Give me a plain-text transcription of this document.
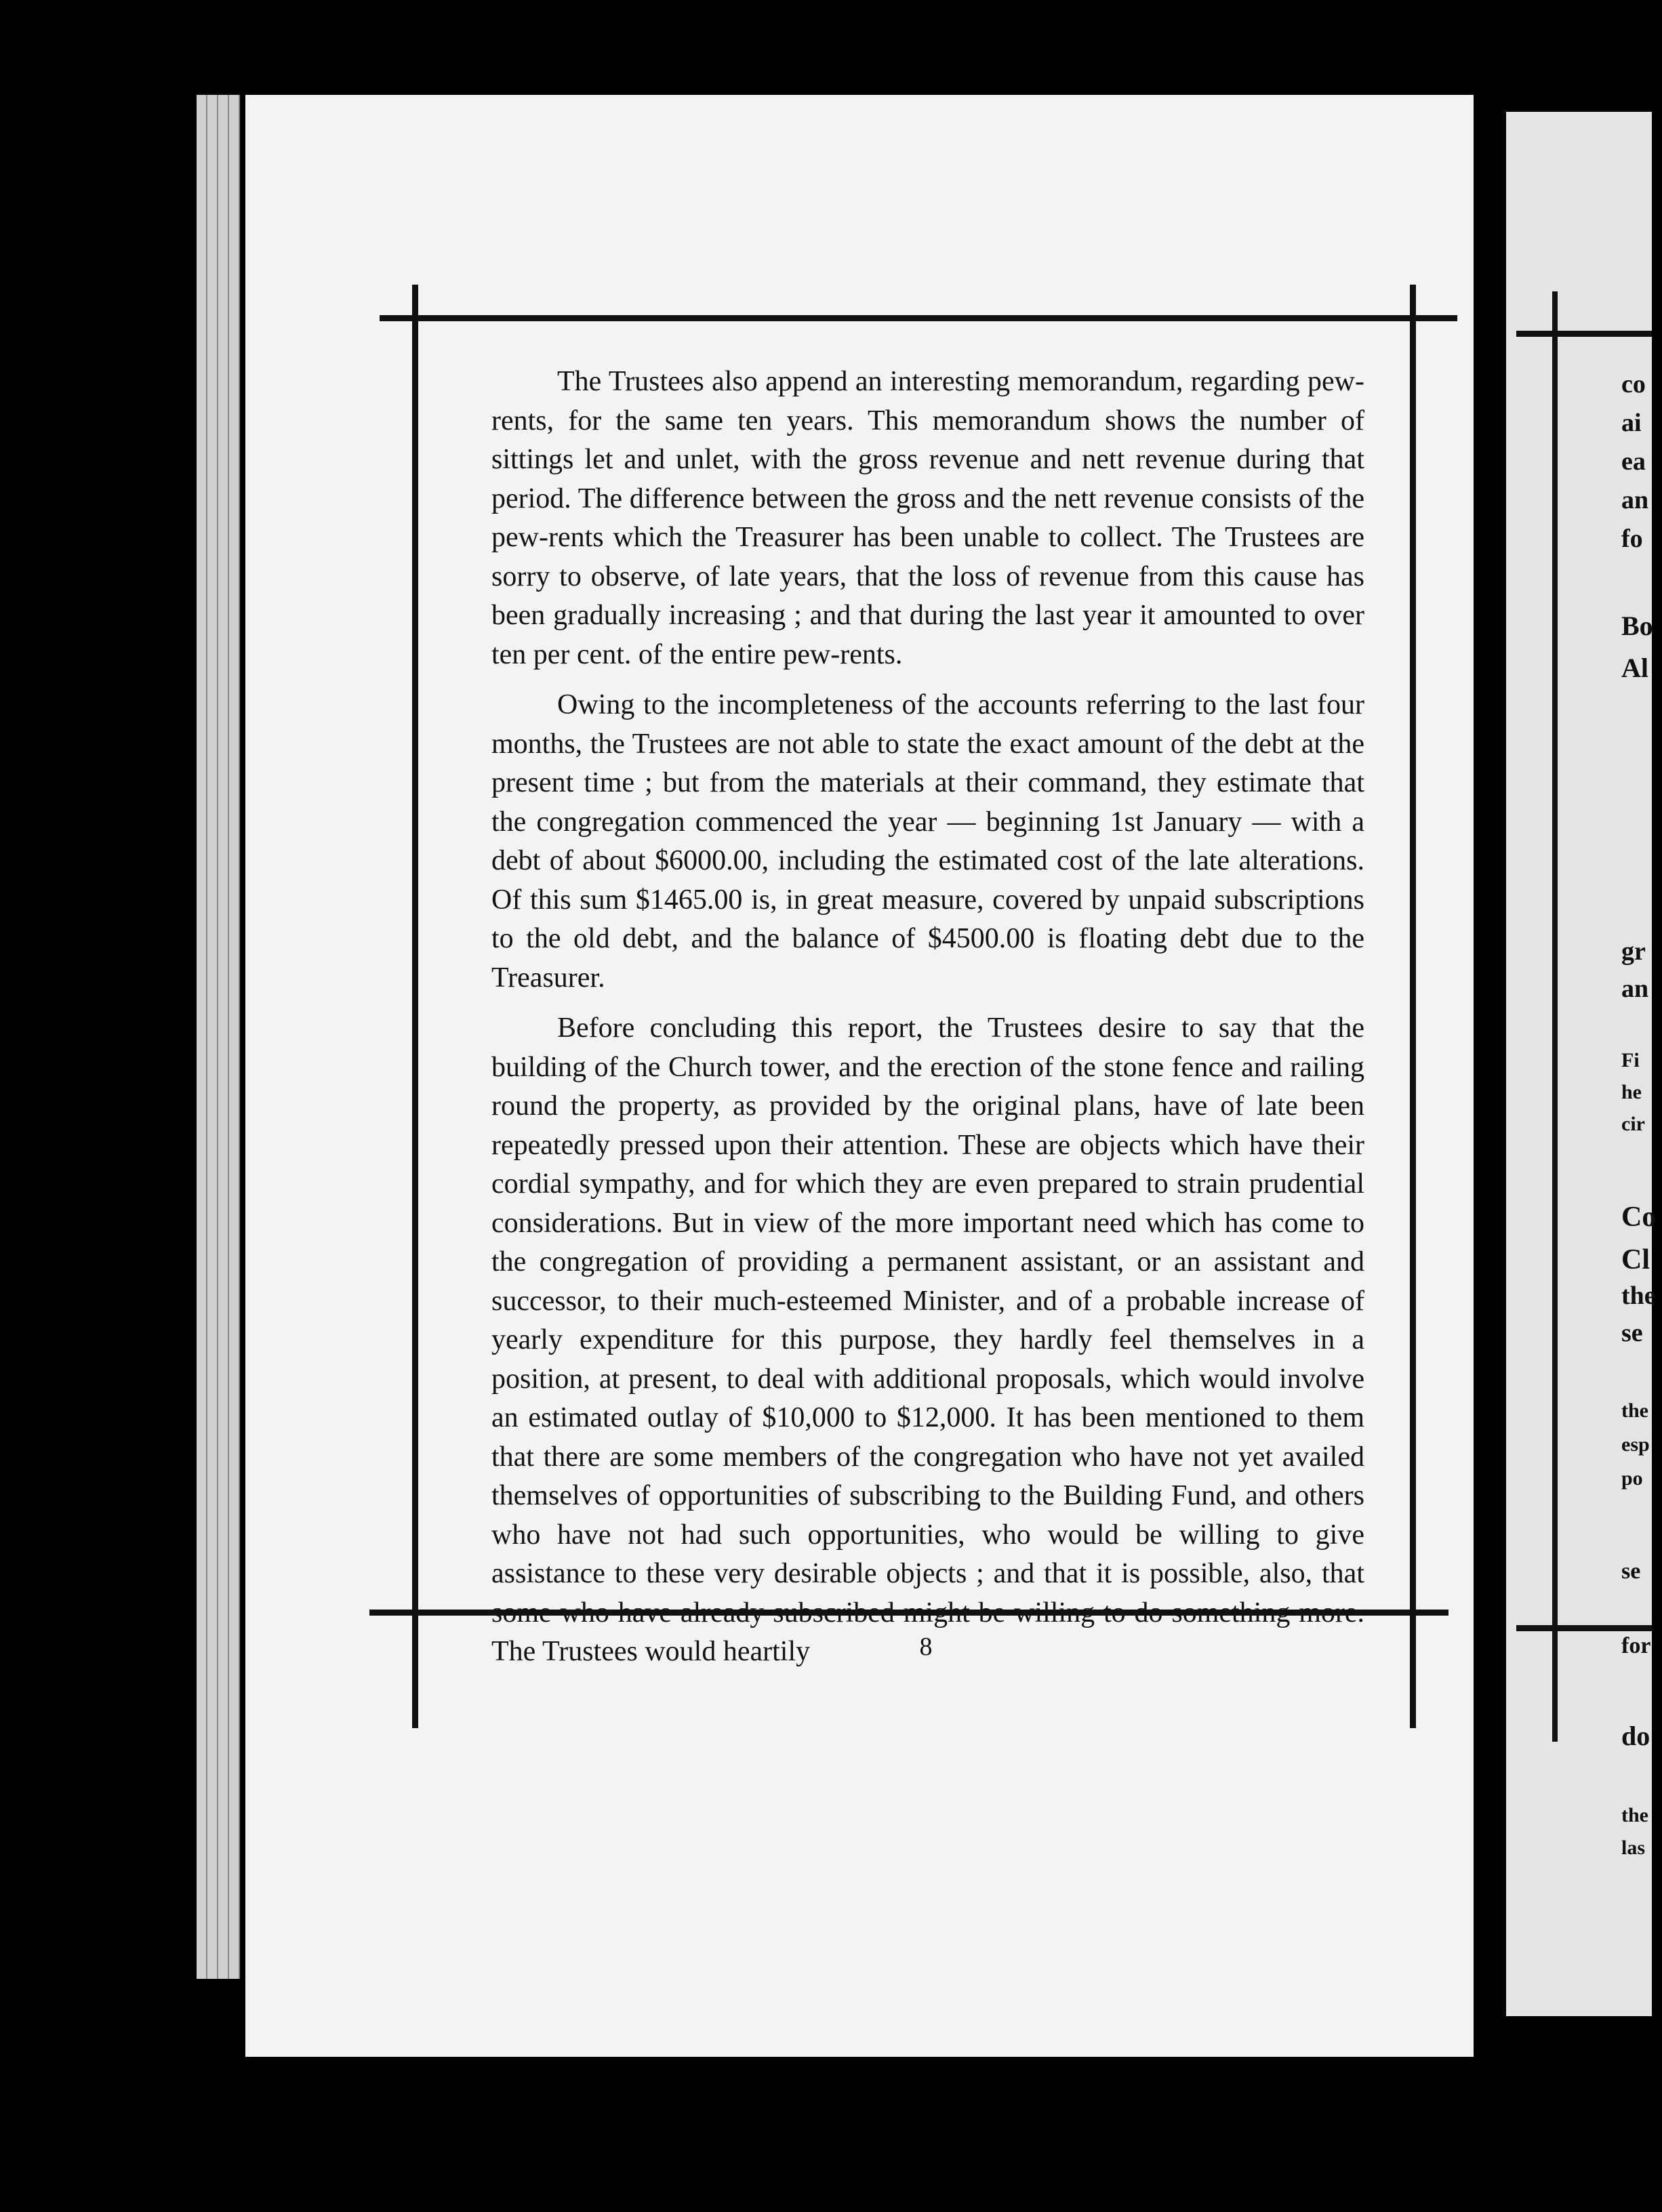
The Trustees also append an interesting memorandum, regarding pew-rents, for the same ten years. This memorandum shows the number of sittings let and unlet, with the gross revenue and nett revenue during that period. The difference between the gross and the nett revenue consists of the pew-rents which the Treasurer has been unable to collect. The Trustees are sorry to observe, of late years, that the loss of revenue from this cause has been gradually increasing ; and that during the last year it amounted to over ten per cent. of the entire pew-rents.

Owing to the incompleteness of the accounts referring to the last four months, the Trustees are not able to state the exact amount of the debt at the present time ; but from the materials at their command, they estimate that the congregation commenced the year — beginning 1st January — with a debt of about $6000.00, including the estimated cost of the late alterations. Of this sum $1465.00 is, in great measure, covered by unpaid subscriptions to the old debt, and the balance of $4500.00 is floating debt due to the Treasurer.

Before concluding this report, the Trustees desire to say that the building of the Church tower, and the erection of the stone fence and railing round the property, as provided by the original plans, have of late been repeatedly pressed upon their attention. These are objects which have their cordial sympathy, and for which they are even prepared to strain prudential considerations. But in view of the more important need which has come to the congregation of providing a permanent assistant, or an assistant and successor, to their much-esteemed Minister, and of a probable increase of yearly expenditure for this purpose, they hardly feel themselves in a position, at present, to deal with additional proposals, which would involve an estimated outlay of $10,000 to $12,000. It has been mentioned to them that there are some members of the congregation who have not yet availed themselves of opportunities of subscribing to the Building Fund, and others who have not had such opportunities, who would be willing to give assistance to these very desirable objects ; and that it is possible, also, that some who have already subscribed might be willing to do something more. The Trustees would heartily	8
co
ai
ea
an
fo
Bo
Al
gr
an
Fi
he
cir
Co
Cl
the
se
the
esp
po
se
for
do
the
las
